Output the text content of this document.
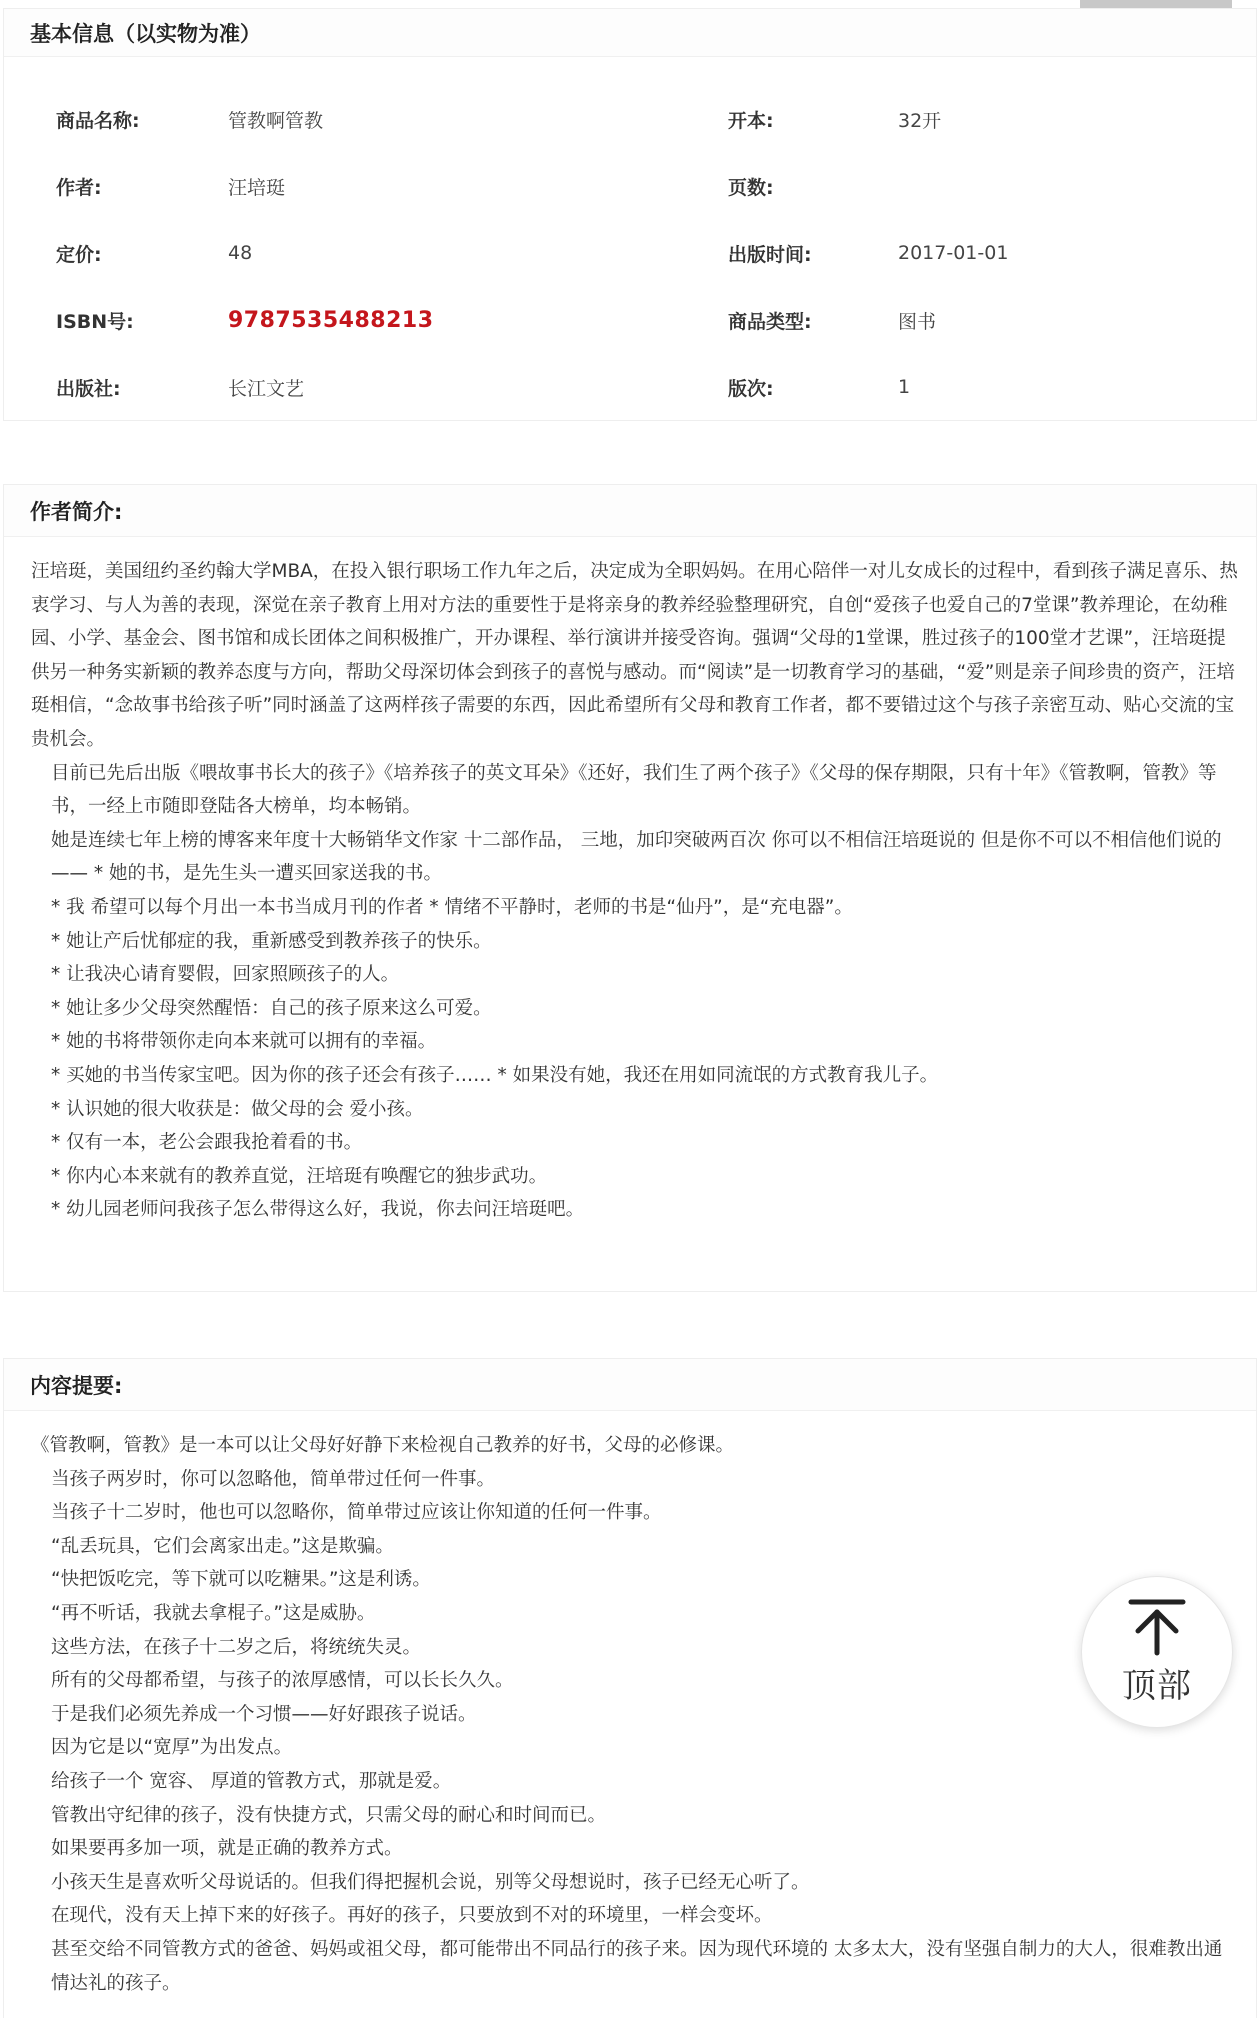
基本信息（以实物为准）
商品名称:	管教啊管教	开本:	32开
作者:	汪培珽	页数:
定价:	48	出版时间:	2017-01-01
ISBN号:	9787535488213	商品类型:	图书
出版社:	长江文艺	版次:	1
作者简介:

汪培珽，美国纽约圣约翰大学MBA，在投入银行职场工作九年之后，决定成为全职妈妈。在用心陪伴一对儿女成长的过程中，看到孩子满足喜乐、热衷学习、与人为善的表现，深觉在亲子教育上用对方法的重要性于是将亲身的教养经验整理研究，自创“爱孩子也爱自己的7堂课”教养理论，在幼稚园、小学、基金会、图书馆和成长团体之间积极推广，开办课程、举行演讲并接受咨询。强调“父母的1堂课，胜过孩子的100堂才艺课”，汪培珽提供另一种务实新颖的教养态度与方向，帮助父母深切体会到孩子的喜悦与感动。而“阅读”是一切教育学习的基础，“爱”则是亲子间珍贵的资产，汪培珽相信，“念故事书给孩子听”同时涵盖了这两样孩子需要的东西，因此希望所有父母和教育工作者，都不要错过这个与孩子亲密互动、贴心交流的宝贵机会。

目前已先后出版《喂故事书长大的孩子》《培养孩子的英文耳朵》《还好，我们生了两个孩子》《父母的保存期限，只有十年》《管教啊，管教》等书，一经上市随即登陆各大榜单，均本畅销。

她是连续七年上榜的博客来年度十大畅销华文作家 十二部作品， 三地，加印突破两百次 你可以不相信汪培珽说的 但是你不可以不相信他们说的—— * 她的书，是先生头一遭买回家送我的书。

* 我 希望可以每个月出一本书当成月刊的作者 * 情绪不平静时，老师的书是“仙丹”，是“充电器”。

* 她让产后忧郁症的我，重新感受到教养孩子的快乐。

* 让我决心请育婴假，回家照顾孩子的人。

* 她让多少父母突然醒悟：自己的孩子原来这么可爱。

* 她的书将带领你走向本来就可以拥有的幸福。

* 买她的书当传家宝吧。因为你的孩子还会有孩子…… * 如果没有她，我还在用如同流氓的方式教育我儿子。

* 认识她的很大收获是：做父母的会 爱小孩。

* 仅有一本，老公会跟我抢着看的书。

* 你内心本来就有的教养直觉，汪培珽有唤醒它的独步武功。

* 幼儿园老师问我孩子怎么带得这么好，我说，你去问汪培珽吧。

内容提要:

《管教啊，管教》是一本可以让父母好好静下来检视自己教养的好书，父母的必修课。

当孩子两岁时，你可以忽略他，简单带过任何一件事。

当孩子十二岁时，他也可以忽略你，简单带过应该让你知道的任何一件事。

“乱丢玩具，它们会离家出走。”这是欺骗。

“快把饭吃完，等下就可以吃糖果。”这是利诱。

“再不听话，我就去拿棍子。”这是威胁。

这些方法，在孩子十二岁之后，将统统失灵。

所有的父母都希望，与孩子的浓厚感情，可以长长久久。

于是我们必须先养成一个习惯——好好跟孩子说话。

因为它是以“宽厚”为出发点。

给孩子一个 宽容、 厚道的管教方式，那就是爱。

管教出守纪律的孩子，没有快捷方式，只需父母的耐心和时间而已。

如果要再多加一项，就是正确的教养方式。

小孩天生是喜欢听父母说话的。但我们得把握机会说，别等父母想说时，孩子已经无心听了。

在现代，没有天上掉下来的好孩子。再好的孩子，只要放到不对的环境里，一样会变坏。

甚至交给不同管教方式的爸爸、妈妈或祖父母，都可能带出不同品行的孩子来。因为现代环境的 太多太大，没有坚强自制力的大人，很难教出通情达礼的孩子。

顶部
